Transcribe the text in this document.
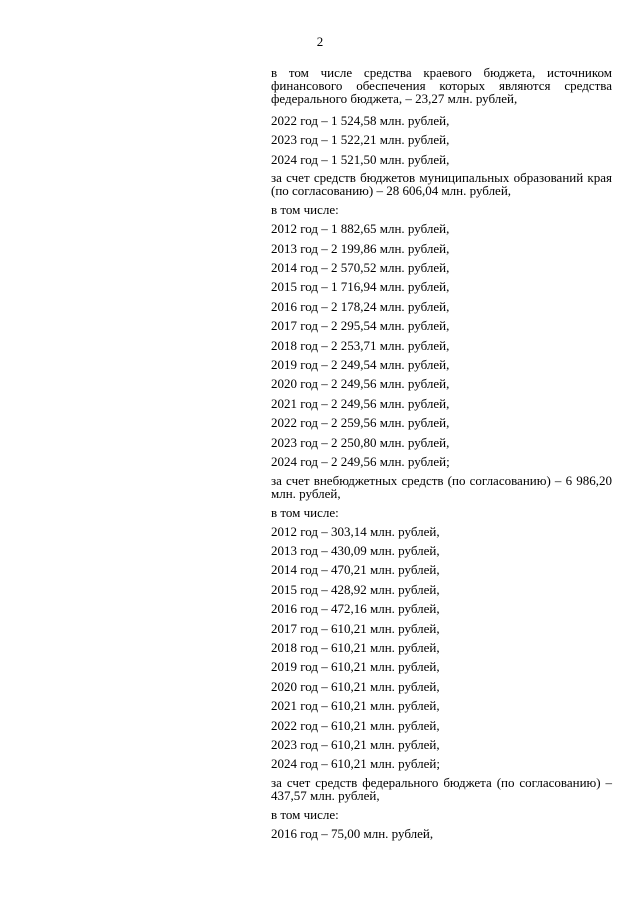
2

в том числе средства краевого бюджета, источником финансового обеспечения которых являются средства федерального бюджета, – 23,27 млн. рублей,

2022 год – 1 524,58 млн. рублей,

2023 год – 1 522,21 млн. рублей,

2024 год – 1 521,50 млн. рублей,

за счет средств бюджетов муниципальных образований края (по согласованию) – 28 606,04 млн. рублей,

в том числе:

2012 год – 1 882,65 млн. рублей,

2013 год – 2 199,86 млн. рублей,

2014 год – 2 570,52 млн. рублей,

2015 год – 1 716,94 млн. рублей,

2016 год – 2 178,24 млн. рублей,

2017 год – 2 295,54 млн. рублей,

2018 год – 2 253,71 млн. рублей,

2019 год – 2 249,54 млн. рублей,

2020 год – 2 249,56 млн. рублей,

2021 год – 2 249,56 млн. рублей,

2022 год – 2 259,56 млн. рублей,

2023 год – 2 250,80 млн. рублей,

2024 год – 2 249,56 млн. рублей;

за счет внебюджетных средств (по согласованию) – 6 986,20 млн. рублей,

в том числе:

2012 год – 303,14 млн. рублей,

2013 год – 430,09 млн. рублей,

2014 год – 470,21 млн. рублей,

2015 год – 428,92 млн. рублей,

2016 год – 472,16 млн. рублей,

2017 год – 610,21 млн. рублей,

2018 год – 610,21 млн. рублей,

2019 год – 610,21 млн. рублей,

2020 год – 610,21 млн. рублей,

2021 год – 610,21 млн. рублей,

2022 год – 610,21 млн. рублей,

2023 год – 610,21 млн. рублей,

2024 год – 610,21 млн. рублей;

за счет средств федерального бюджета (по согласованию) – 437,57 млн. рублей,

в том числе:

2016 год – 75,00 млн. рублей,
